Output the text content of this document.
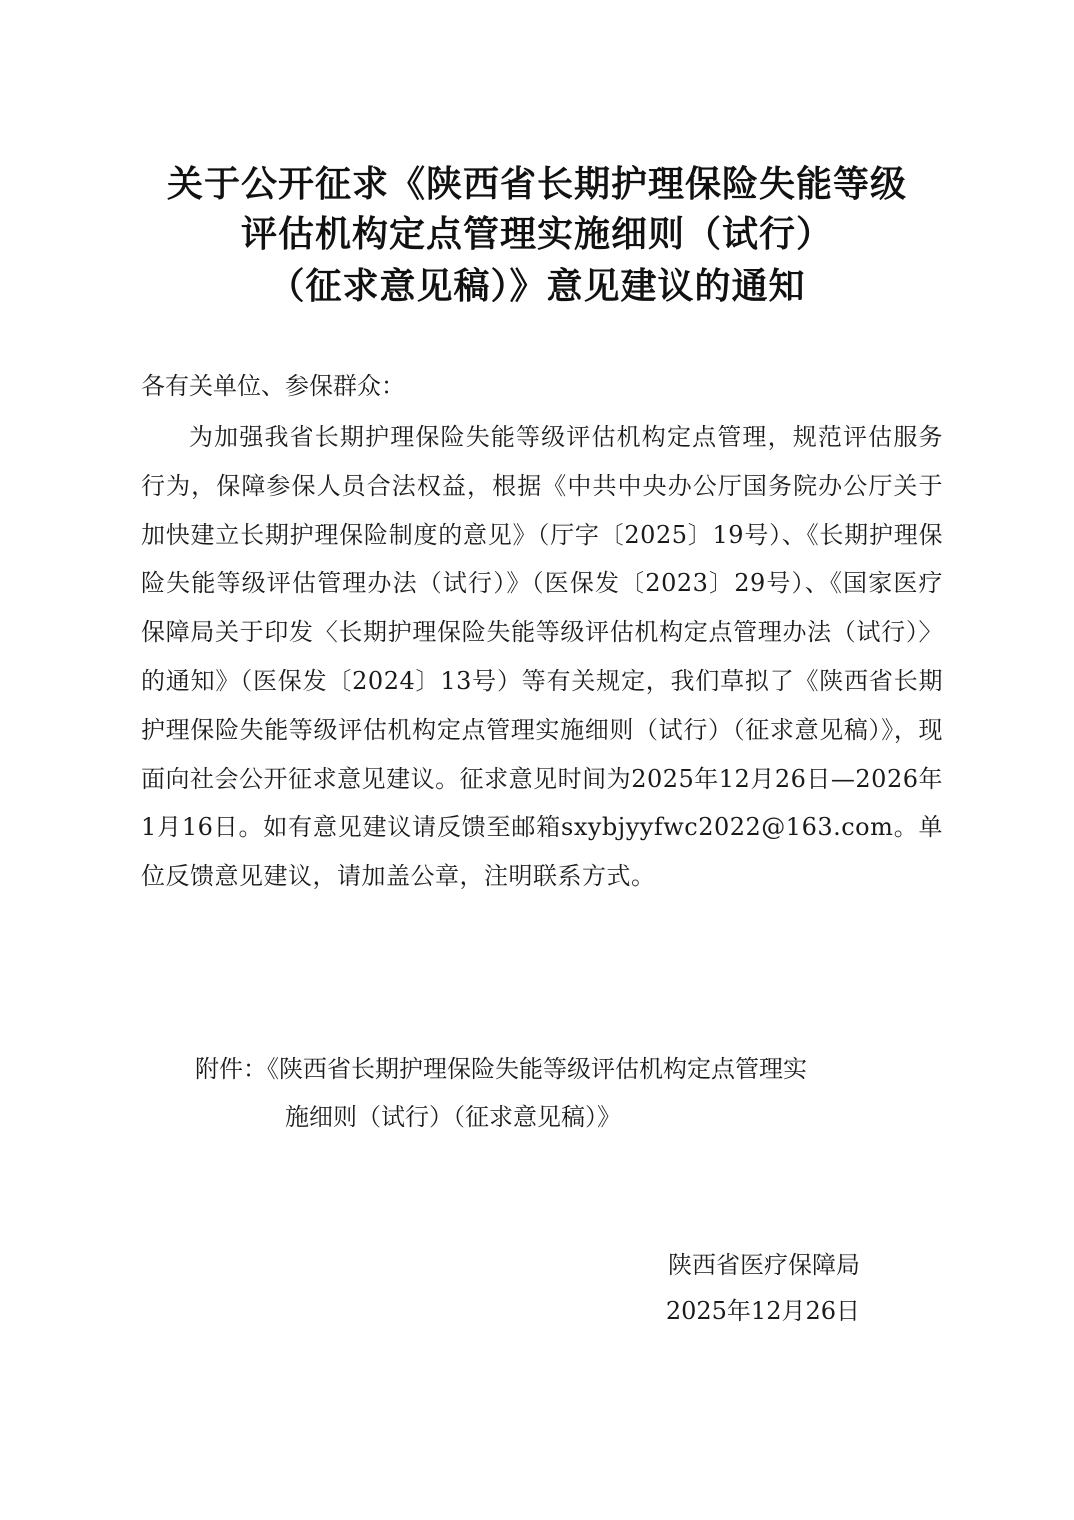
关于公开征求《陕西省长期护理保险失能等级
评估机构定点管理实施细则（试行）
（征求意见稿）》意见建议的通知
各有关单位、参保群众：
为加强我省长期护理保险失能等级评估机构定点管理，规范评估服务行为，保障参保人员合法权益，根据《中共中央办公厅国务院办公厅关于加快建立长期护理保险制度的意见》（厅字〔2025〕19号）、《长期护理保险失能等级评估管理办法（试行）》（医保发〔2023〕29号）、《国家医疗保障局关于印发〈长期护理保险失能等级评估机构定点管理办法（试行）〉的通知》（医保发〔2024〕13号）等有关规定，我们草拟了《陕西省长期护理保险失能等级评估机构定点管理实施细则（试行）（征求意见稿）》，现面向社会公开征求意见建议。征求意见时间为2025年12月26日—2026年1月16日。如有意见建议请反馈至邮箱sxybjyyfwc2022@163.com。单位反馈意见建议，请加盖公章，注明联系方式。
附件：《陕西省长期护理保险失能等级评估机构定点管理实
施细则（试行）（征求意见稿）》
陕西省医疗保障局
2025年12月26日
